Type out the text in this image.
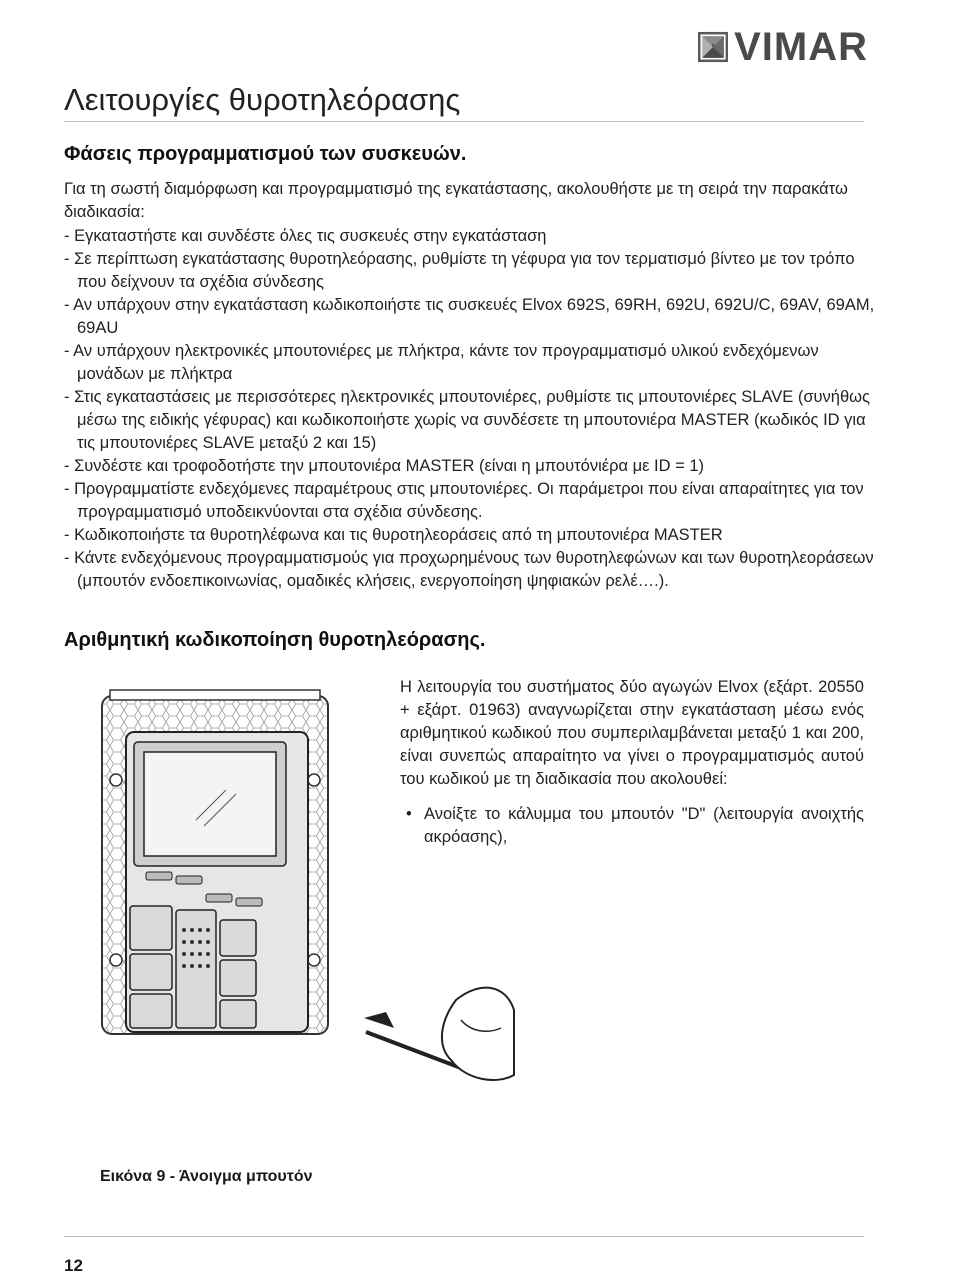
VIMAR
Λειτουργίες θυροτηλεόρασης
Φάσεις προγραμματισμού των συσκευών.
Για τη σωστή διαμόρφωση και προγραμματισμό της εγκατάστασης, ακολουθήστε με τη σειρά την παρακάτω διαδικασία:
- Εγκαταστήστε και συνδέστε όλες τις συσκευές στην εγκατάσταση
- Σε περίπτωση εγκατάστασης θυροτηλεόρασης, ρυθμίστε τη γέφυρα για τον τερματισμό βίντεο με τον τρόπο που δείχνουν τα σχέδια σύνδεσης
- Αν υπάρχουν στην εγκατάσταση κωδικοποιήστε τις συσκευές Elvox 692S, 69RH, 692U, 692U/C, 69AV, 69AM, 69AU
- Αν υπάρχουν ηλεκτρονικές μπουτονιέρες με πλήκτρα, κάντε τον προγραμματισμό υλικού ενδεχόμενων μονάδων με πλήκτρα
- Στις εγκαταστάσεις με περισσότερες ηλεκτρονικές μπουτονιέρες, ρυθμίστε τις μπουτονιέρες SLAVE (συνήθως μέσω της ειδικής γέφυρας) και κωδικοποιήστε χωρίς να συνδέσετε τη μπουτονιέρα MASTER (κωδικός ID για τις μπουτονιέρες SLAVE μεταξύ 2 και 15)
- Συνδέστε και τροφοδοτήστε την μπουτονιέρα MASTER (είναι η μπουτόνιέρα με ID = 1)
- Προγραμματίστε ενδεχόμενες παραμέτρους στις μπουτονιέρες. Οι παράμετροι που είναι απαραίτητες για τον προγραμματισμό υποδεικνύονται στα σχέδια σύνδεσης.
- Κωδικοποιήστε τα θυροτηλέφωνα και τις θυροτηλεοράσεις από τη μπουτονιέρα MASTER
- Κάντε ενδεχόμενους προγραμματισμούς για προχωρημένους των θυροτηλεφώνων και των θυροτηλεοράσεων (μπουτόν ενδοεπικοινωνίας, ομαδικές κλήσεις, ενεργοποίηση ψηφιακών ρελέ….).
Αριθμητική κωδικοποίηση θυροτηλεόρασης.
Η λειτουργία του συστήματος δύο αγωγών Elvox (εξάρτ. 20550 + εξάρτ. 01963) αναγνωρίζεται στην εγκατάσταση μέσω ενός αριθμητικού κωδικού που συμπεριλαμβάνεται μεταξύ 1 και 200, είναι συνεπώς απαραίτητο να γίνει ο προγραμματισμός αυτού του κωδικού με τη διαδικασία που ακολουθεί:
• Ανοίξτε το κάλυμμα του μπουτόν "D" (λειτουργία ανοιχτής ακρόασης),
Εικόνα 9 - Άνοιγμα μπουτόν
12
